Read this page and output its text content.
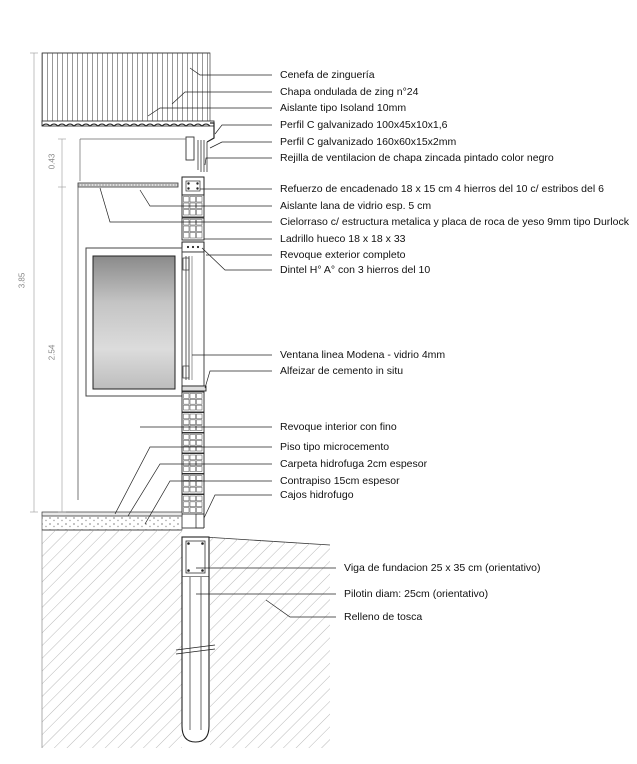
3.85
0.43
2.54
Cenefa de zinguería
Chapa ondulada de zing n°24
Aislante tipo Isoland 10mm
Perfil C galvanizado 100x45x10x1,6
Perfil C galvanizado 160x60x15x2mm
Rejilla de ventilacion de chapa zincada pintado color negro
Refuerzo de encadenado 18 x 15 cm 4 hierros del 10 c/ estribos del 6
Aislante lana de vidrio esp. 5 cm
Cielorraso c/ estructura metalica y placa de roca de yeso 9mm tipo Durlock
Ladrillo hueco 18 x 18 x 33
Revoque exterior completo
Dintel H° A° con 3 hierros del 10
Ventana linea Modena - vidrio 4mm
Alfeizar de cemento in situ
Revoque interior con fino
Piso tipo microcemento
Carpeta hidrofuga 2cm espesor
Contrapiso 15cm espesor
Cajos hidrofugo
Viga de fundacion 25 x 35 cm (orientativo)
Pilotin diam: 25cm (orientativo)
Relleno de tosca
